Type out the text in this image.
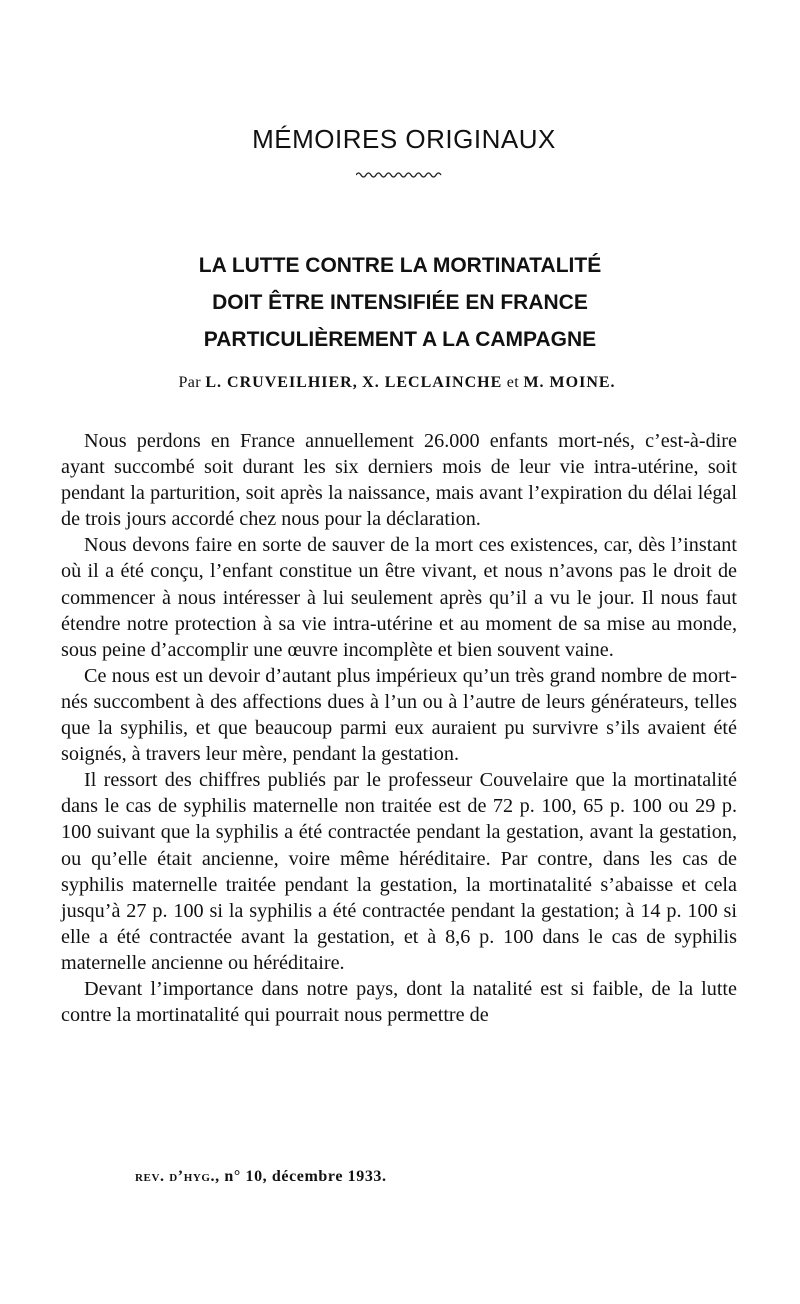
MÉMOIRES ORIGINAUX
LA LUTTE CONTRE LA MORTINATALITÉ
DOIT ÊTRE INTENSIFIÉE EN FRANCE
PARTICULIÈREMENT A LA CAMPAGNE

Par L. CRUVEILHIER, X. LECLAINCHE et M. MOINE.

Nous perdons en France annuellement 26.000 enfants mort-nés, c’est-à-dire ayant succombé soit durant les six derniers mois de leur vie intra-utérine, soit pendant la parturition, soit après la naissance, mais avant l’expiration du délai légal de trois jours accordé chez nous pour la déclaration.

Nous devons faire en sorte de sauver de la mort ces existences, car, dès l’instant où il a été conçu, l’enfant constitue un être vivant, et nous n’avons pas le droit de commencer à nous intéresser à lui seulement après qu’il a vu le jour. Il nous faut étendre notre protection à sa vie intra-utérine et au moment de sa mise au monde, sous peine d’accomplir une œuvre incomplète et bien souvent vaine.

Ce nous est un devoir d’autant plus impérieux qu’un très grand nombre de mort-nés succombent à des affections dues à l’un ou à l’autre de leurs générateurs, telles que la syphilis, et que beaucoup parmi eux auraient pu survivre s’ils avaient été soignés, à travers leur mère, pendant la gestation.

Il ressort des chiffres publiés par le professeur Couvelaire que la mortinatalité dans le cas de syphilis maternelle non traitée est de 72 p. 100, 65 p. 100 ou 29 p. 100 suivant que la syphilis a été contractée pendant la gestation, avant la gestation, ou qu’elle était ancienne, voire même héréditaire. Par contre, dans les cas de syphilis maternelle traitée pendant la gestation, la mortinatalité s’abaisse et cela jusqu’à 27 p. 100 si la syphilis a été contractée pendant la gestation; à 14 p. 100 si elle a été contractée avant la gestation, et à 8,6 p. 100 dans le cas de syphilis maternelle ancienne ou héréditaire.

Devant l’importance dans notre pays, dont la natalité est si faible, de la lutte contre la mortinatalité qui pourrait nous permettre de

rev. d’hyg., n° 10, décembre 1933.
